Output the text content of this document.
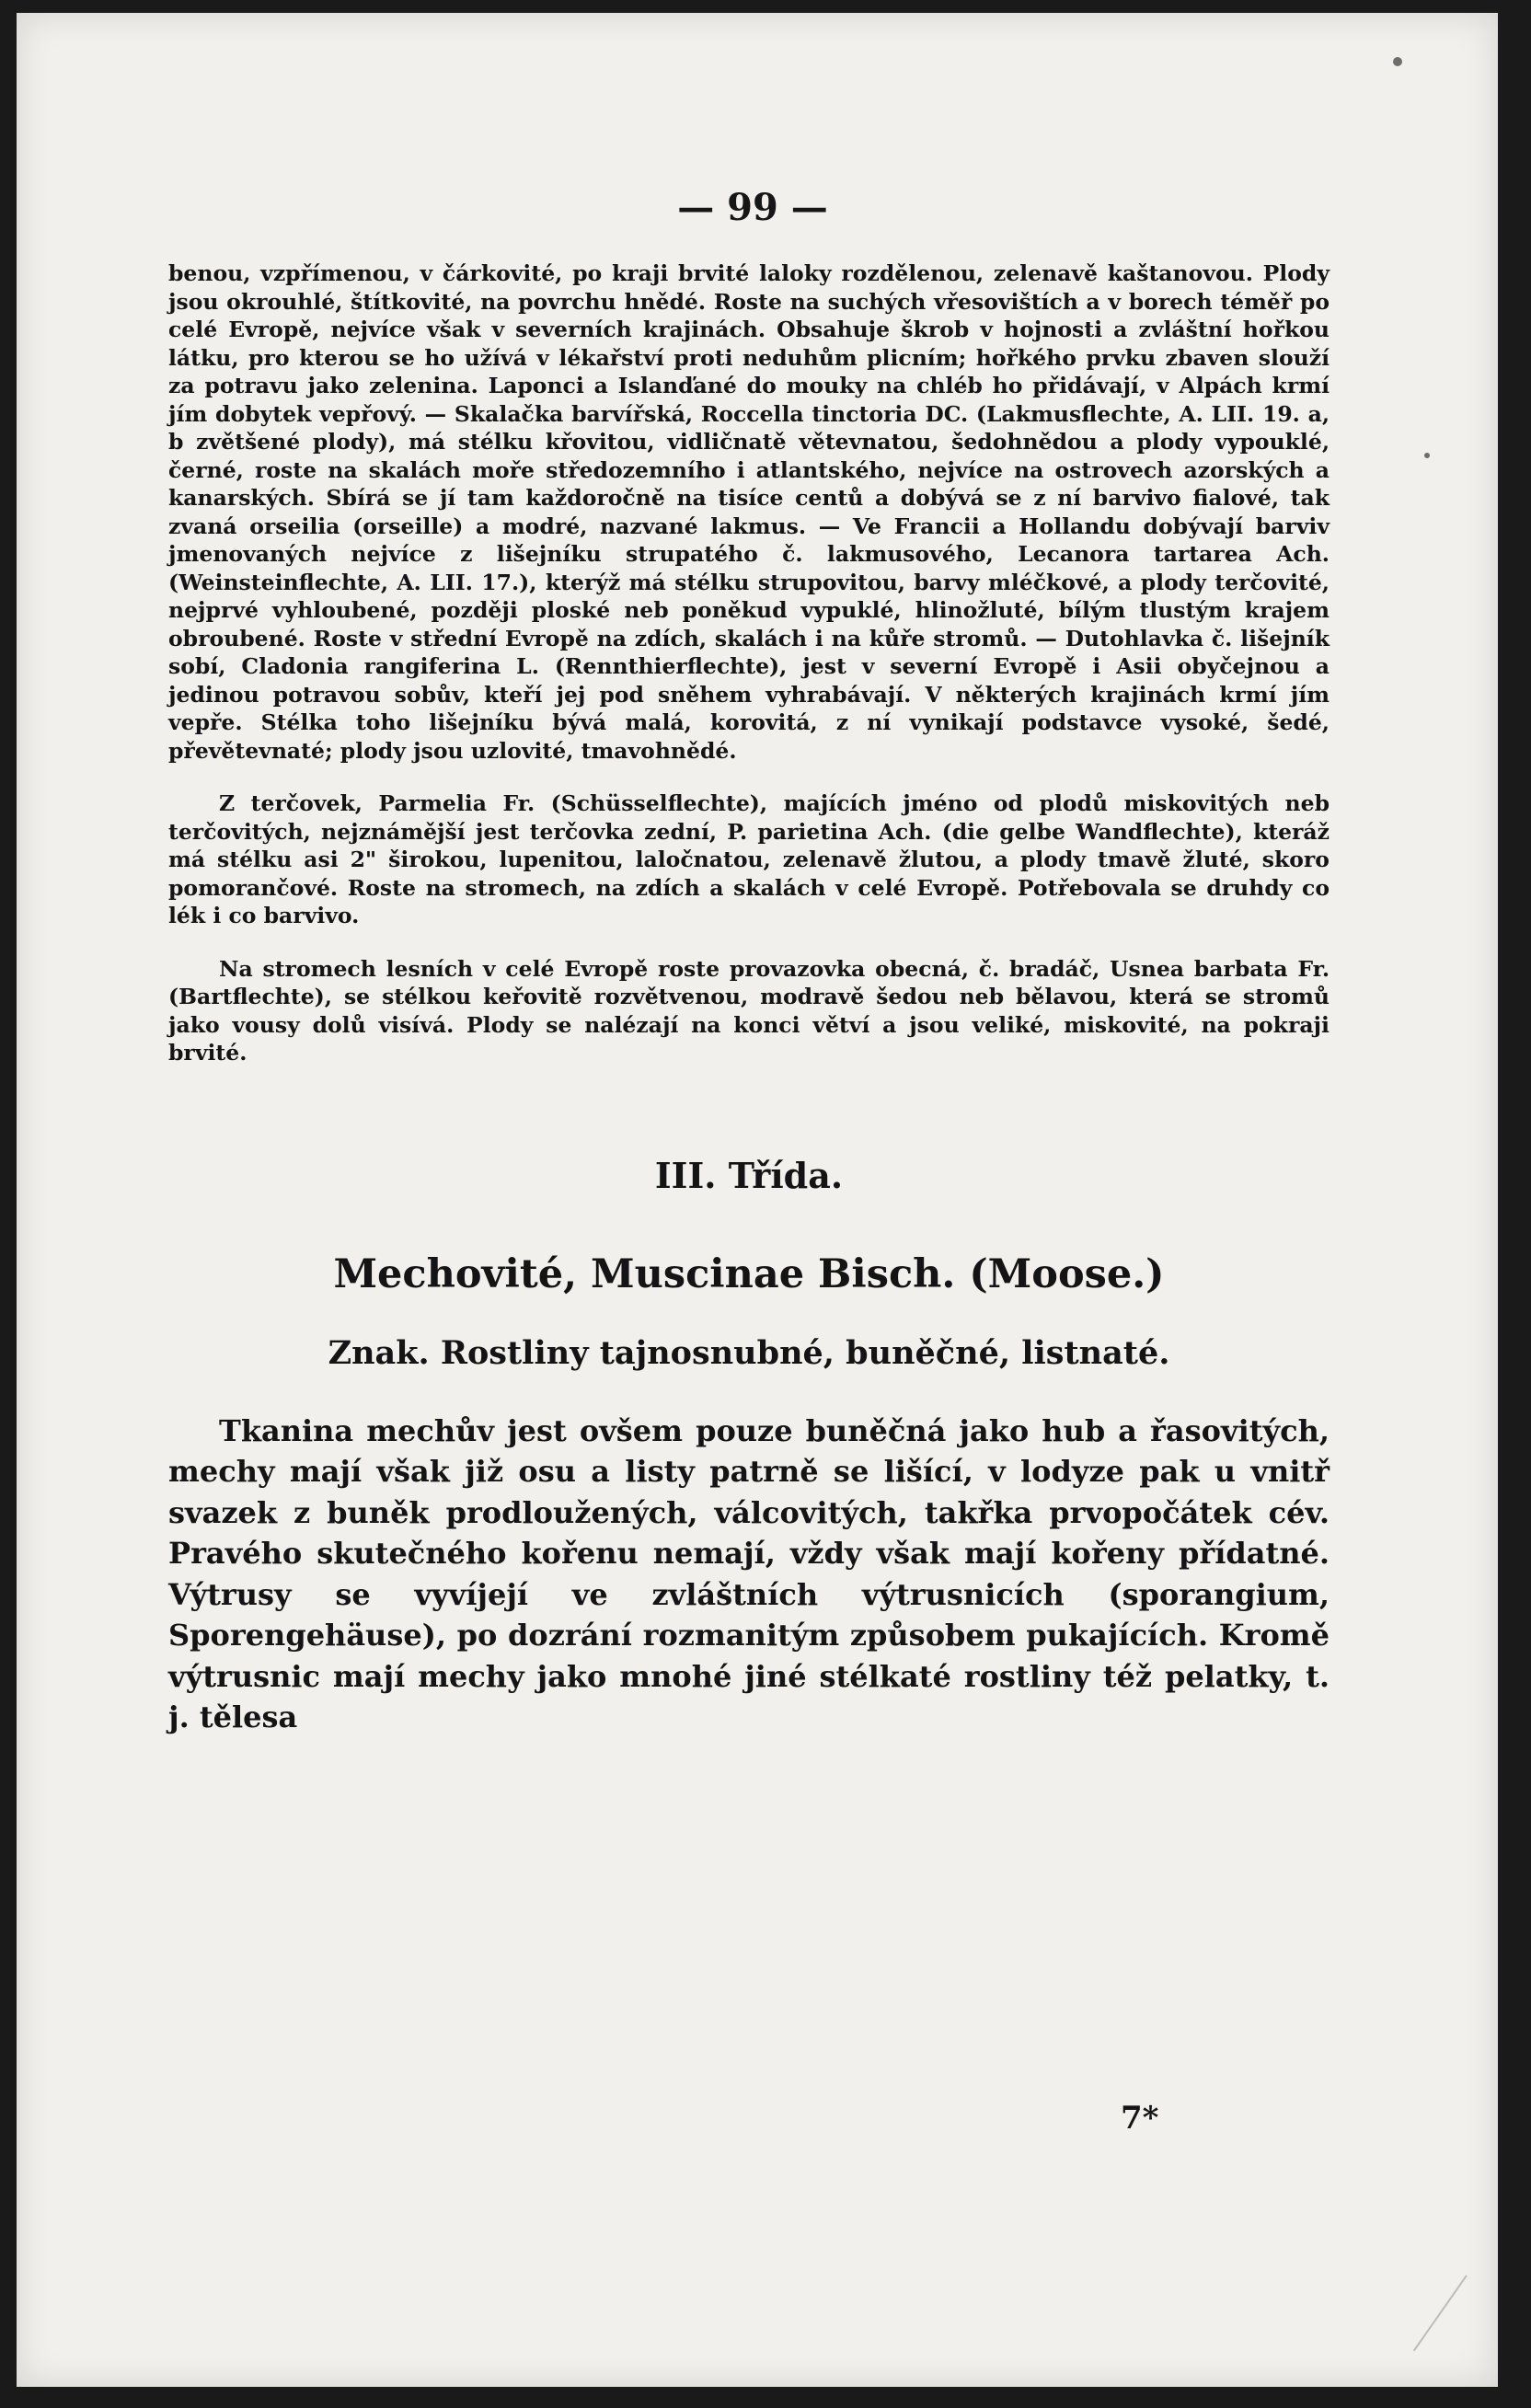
— 99 —

benou, vzpřímenou, v čárkovité, po kraji brvité laloky rozdělenou, zelenavě kaštanovou. Plody jsou okrouhlé, štítkovité, na povrchu hnědé. Roste na suchých vřesovištích a v borech téměř po celé Evropě, nejvíce však v severních krajinách. Obsahuje škrob v hojnosti a zvláštní hořkou látku, pro kterou se ho užívá v lékařství proti neduhům plicním; hořkého prvku zbaven slouží za potravu jako zelenina. Laponci a Islanďané do mouky na chléb ho přidávají, v Alpách krmí jím dobytek vepřový. — Skalačka barvířská, Roccella tinctoria DC. (Lakmusflechte, A. LII. 19. a, b zvětšené plody), má stélku křovitou, vidličnatě větevnatou, šedohnědou a plody vypouklé, černé, roste na skalách moře středozemního i atlantského, nejvíce na ostrovech azorských a kanarských. Sbírá se jí tam každoročně na tisíce centů a dobývá se z ní barvivo fialové, tak zvaná orseilia (orseille) a modré, nazvané lakmus. — Ve Francii a Hollandu dobývají barviv jmenovaných nejvíce z lišejníku strupatého č. lakmusového, Lecanora tartarea Ach. (Weinsteinflechte, A. LII. 17.), kterýž má stélku strupovitou, barvy mléčkové, a plody terčovité, nejprvé vyhloubené, později ploské neb poněkud vypuklé, hlinožluté, bílým tlustým krajem obroubené. Roste v střední Evropě na zdích, skalách i na kůře stromů. — Dutohlavka č. lišejník sobí, Cladonia rangiferina L. (Rennthierflechte), jest v severní Evropě i Asii obyčejnou a jedinou potravou sobův, kteří jej pod sněhem vyhrabávají. V některých krajinách krmí jím vepře. Stélka toho lišejníku bývá malá, korovitá, z ní vynikají podstavce vysoké, šedé, převětevnaté; plody jsou uzlovité, tmavohnědé.

Z terčovek, Parmelia Fr. (Schüsselflechte), majících jméno od plodů miskovitých neb terčovitých, nejznámější jest terčovka zední, P. parietina Ach. (die gelbe Wandflechte), kteráž má stélku asi 2" širokou, lupenitou, laločnatou, zelenavě žlutou, a plody tmavě žluté, skoro pomorančové. Roste na stromech, na zdích a skalách v celé Evropě. Potřebovala se druhdy co lék i co barvivo.

Na stromech lesních v celé Evropě roste provazovka obecná, č. bradáč, Usnea barbata Fr. (Bartflechte), se stélkou keřovitě rozvětvenou, modravě šedou neb bělavou, která se stromů jako vousy dolů visívá. Plody se nalézají na konci větví a jsou veliké, miskovité, na pokraji brvité.

III. Třída.
Mechovité, Muscinae Bisch. (Moose.)
Znak. Rostliny tajnosnubné, buněčné, listnaté.

Tkanina mechův jest ovšem pouze buněčná jako hub a řasovitých, mechy mají však již osu a listy patrně se lišící, v lodyze pak u vnitř svazek z buněk prodloužených, válcovitých, takřka prvopočátek cév. Pravého skutečného kořenu nemají, vždy však mají kořeny přídatné. Výtrusy se vyvíjejí ve zvláštních výtrusnicích (sporangium, Sporengehäuse), po dozrání rozmanitým způsobem pukajících. Kromě výtrusnic mají mechy jako mnohé jiné stélkaté rostliny též pelatky, t. j. tělesa

7*
